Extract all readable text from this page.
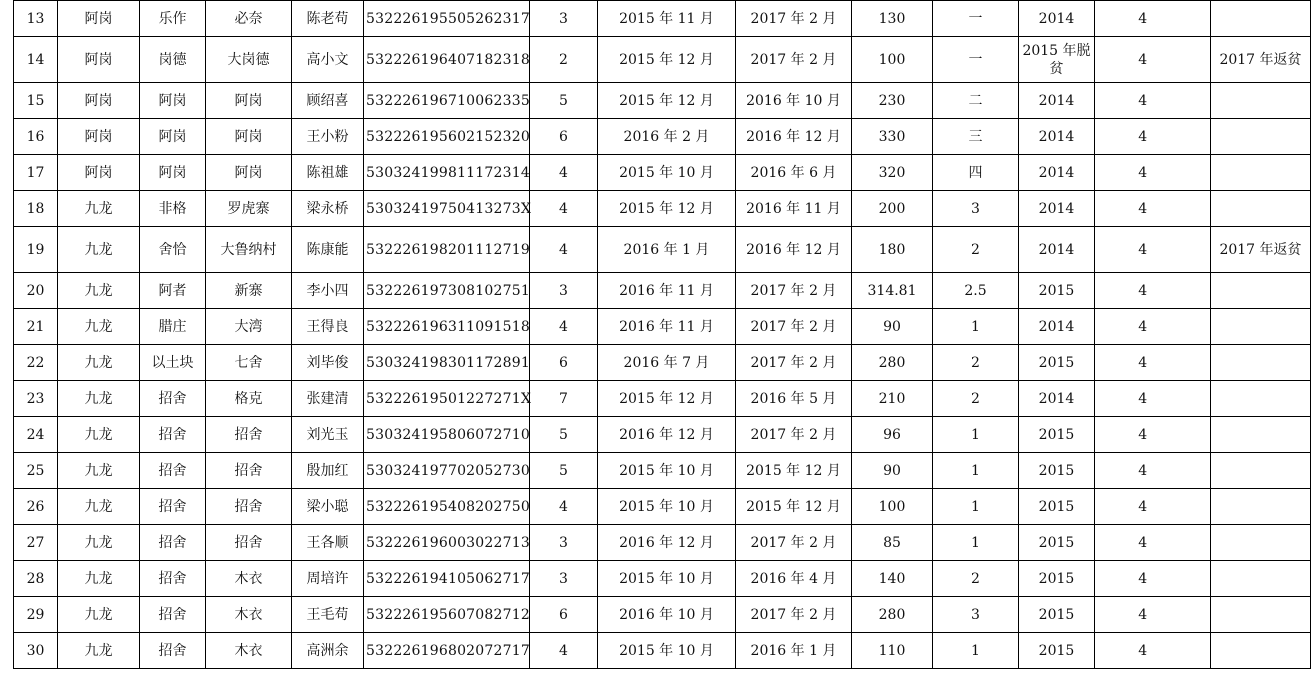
13	阿岗	乐作	必奈	陈老苟	532226195505262317	3	2015 年 11 月	2017 年 2 月	130	一	2014	4		
14	阿岗	岗德	大岗德	高小文	532226196407182318	2	2015 年 12 月	2017 年 2 月	100	一	2015 年脱贫	4		2017 年返贫
15	阿岗	阿岗	阿岗	顾绍喜	532226196710062335	5	2015 年 12 月	2016 年 10 月	230	二	2014	4		
16	阿岗	阿岗	阿岗	王小粉	532226195602152320	6	2016 年 2 月	2016 年 12 月	330	三	2014	4		
17	阿岗	阿岗	阿岗	陈祖雄	530324199811172314	4	2015 年 10 月	2016 年 6 月	320	四	2014	4		
18	九龙	非格	罗虎寨	梁永桥	53032419750413273X	4	2015 年 12 月	2016 年 11 月	200	3	2014	4		
19	九龙	舍恰	大鲁纳村	陈康能	532226198201112719	4	2016 年 1 月	2016 年 12 月	180	2	2014	4		2017 年返贫
20	九龙	阿者	新寨	李小四	532226197308102751	3	2016 年 11 月	2017 年 2 月	314.81	2.5	2015	4		
21	九龙	腊庄	大湾	王得良	532226196311091518	4	2016 年 11 月	2017 年 2 月	90	1	2014	4		
22	九龙	以土块	七舍	刘毕俊	530324198301172891	6	2016 年 7 月	2017 年 2 月	280	2	2015	4		
23	九龙	招舍	格克	张建清	53222619501227271X	7	2015 年 12 月	2016 年 5 月	210	2	2014	4		
24	九龙	招舍	招舍	刘光玉	530324195806072710	5	2016 年 12 月	2017 年 2 月	96	1	2015	4		
25	九龙	招舍	招舍	殷加红	530324197702052730	5	2015 年 10 月	2015 年 12 月	90	1	2015	4		
26	九龙	招舍	招舍	梁小聪	532226195408202750	4	2015 年 10 月	2015 年 12 月	100	1	2015	4		
27	九龙	招舍	招舍	王各顺	532226196003022713	3	2016 年 12 月	2017 年 2 月	85	1	2015	4		
28	九龙	招舍	木衣	周培许	532226194105062717	3	2015 年 10 月	2016 年 4 月	140	2	2015	4		
29	九龙	招舍	木衣	王毛苟	532226195607082712	6	2016 年 10 月	2017 年 2 月	280	3	2015	4		
30	九龙	招舍	木衣	高洲余	532226196802072717	4	2015 年 10 月	2016 年 1 月	110	1	2015	4		
